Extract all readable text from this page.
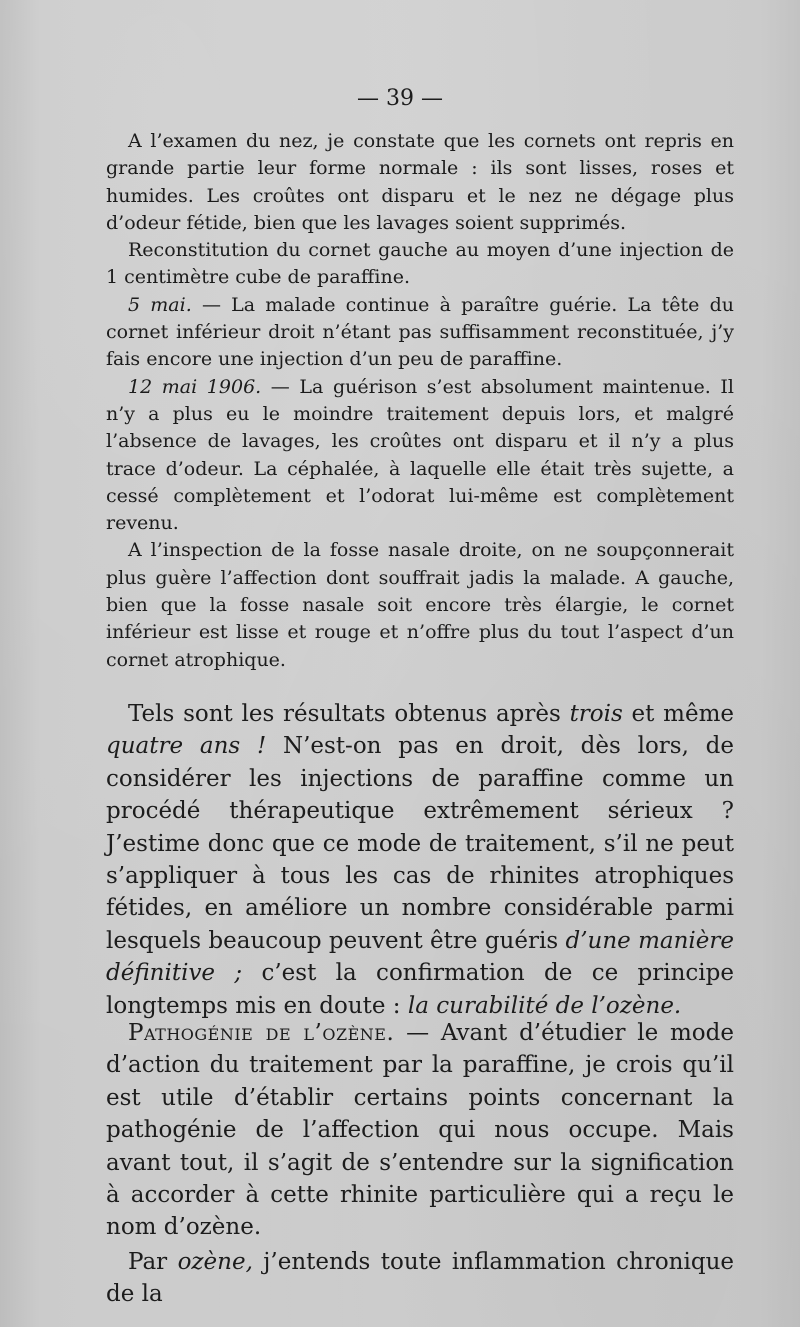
— 39 —

A l’examen du nez, je constate que les cornets ont repris en grande partie leur forme normale : ils sont lisses, roses et humides. Les croûtes ont disparu et le nez ne dégage plus d’odeur fétide, bien que les lavages soient supprimés.

Reconstitution du cornet gauche au moyen d’une injection de 1 centimètre cube de paraffine.

5 mai. — La malade continue à paraître guérie. La tête du cornet inférieur droit n’étant pas suffisamment reconstituée, j’y fais encore une injection d’un peu de paraffine.

12 mai 1906. — La guérison s’est absolument maintenue. Il n’y a plus eu le moindre traitement depuis lors, et malgré l’absence de lavages, les croûtes ont disparu et il n’y a plus trace d’odeur. La céphalée, à laquelle elle était très sujette, a cessé complètement et l’odorat lui-même est complètement revenu.

A l’inspection de la fosse nasale droite, on ne soupçonnerait plus guère l’affection dont souffrait jadis la malade. A gauche, bien que la fosse nasale soit encore très élargie, le cornet inférieur est lisse et rouge et n’offre plus du tout l’aspect d’un cornet atrophique.

Tels sont les résultats obtenus après trois et même quatre ans ! N’est-on pas en droit, dès lors, de considérer les injections de paraffine comme un procédé thérapeutique extrêmement sérieux ? J’estime donc que ce mode de traitement, s’il ne peut s’appliquer à tous les cas de rhinites atrophiques fétides, en améliore un nombre considérable parmi lesquels beaucoup peuvent être guéris d’une manière définitive ; c’est la confirmation de ce principe longtemps mis en doute : la curabilité de l’ozène.

Pathogénie de l’ozène. — Avant d’étudier le mode d’action du traitement par la paraffine, je crois qu’il est utile d’établir certains points concernant la pathogénie de l’affection qui nous occupe. Mais avant tout, il s’agit de s’entendre sur la signification à accorder à cette rhinite particulière qui a reçu le nom d’ozène.

Par ozène, j’entends toute inflammation chronique de la
